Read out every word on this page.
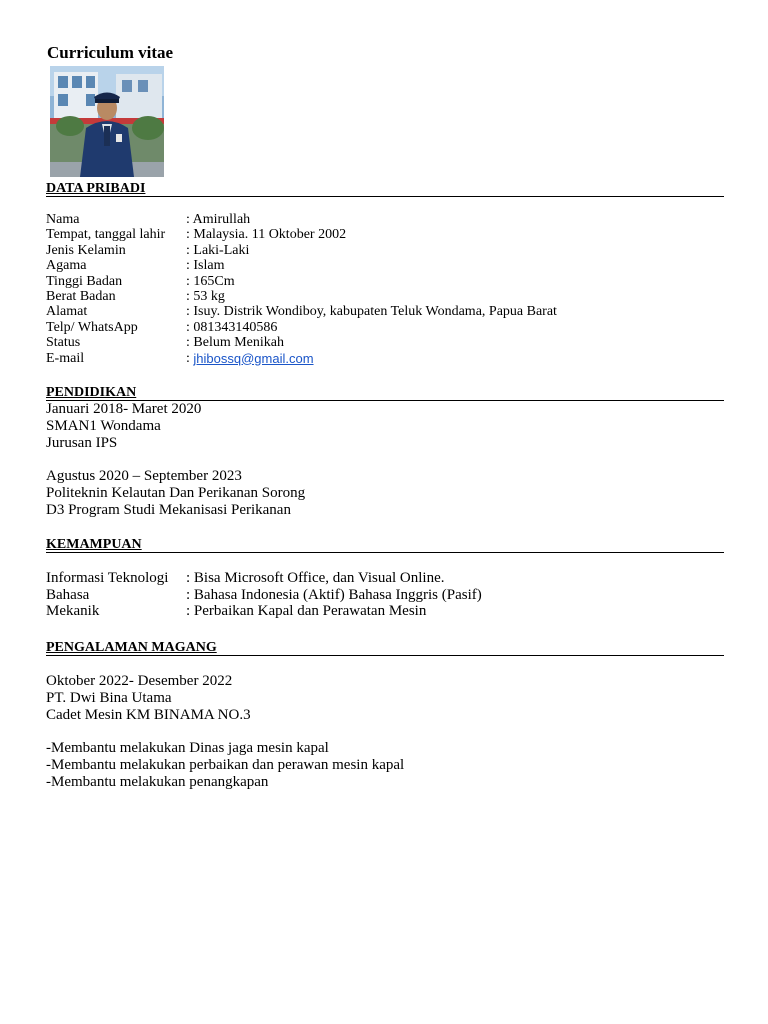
Curriculum vitae
DATA PRIBADI
Nama	: Amirullah
Tempat, tanggal lahir	: Malaysia. 11 Oktober 2002
Jenis Kelamin	: Laki-Laki
Agama	: Islam
Tinggi Badan	: 165Cm
Berat Badan	: 53 kg
Alamat	: Isuy. Distrik Wondiboy, kabupaten Teluk Wondama, Papua Barat
Telp/ WhatsApp	: 081343140586
Status	: Belum Menikah
E-mail	: jhibossq@gmail.com
PENDIDIKAN
Januari 2018- Maret 2020
SMAN1 Wondama
Jurusan IPS
Agustus 2020 – September 2023
Politeknin Kelautan Dan Perikanan Sorong
D3 Program Studi Mekanisasi Perikanan
KEMAMPUAN
Informasi Teknologi	: Bisa Microsoft Office, dan Visual Online.
Bahasa	: Bahasa Indonesia (Aktif) Bahasa Inggris (Pasif)
Mekanik	: Perbaikan Kapal dan Perawatan Mesin
PENGALAMAN MAGANG
Oktober 2022- Desember 2022
PT. Dwi Bina Utama
Cadet Mesin KM BINAMA NO.3
-Membantu melakukan Dinas jaga mesin kapal
-Membantu melakukan perbaikan dan perawan mesin kapal
-Membantu melakukan penangkapan
